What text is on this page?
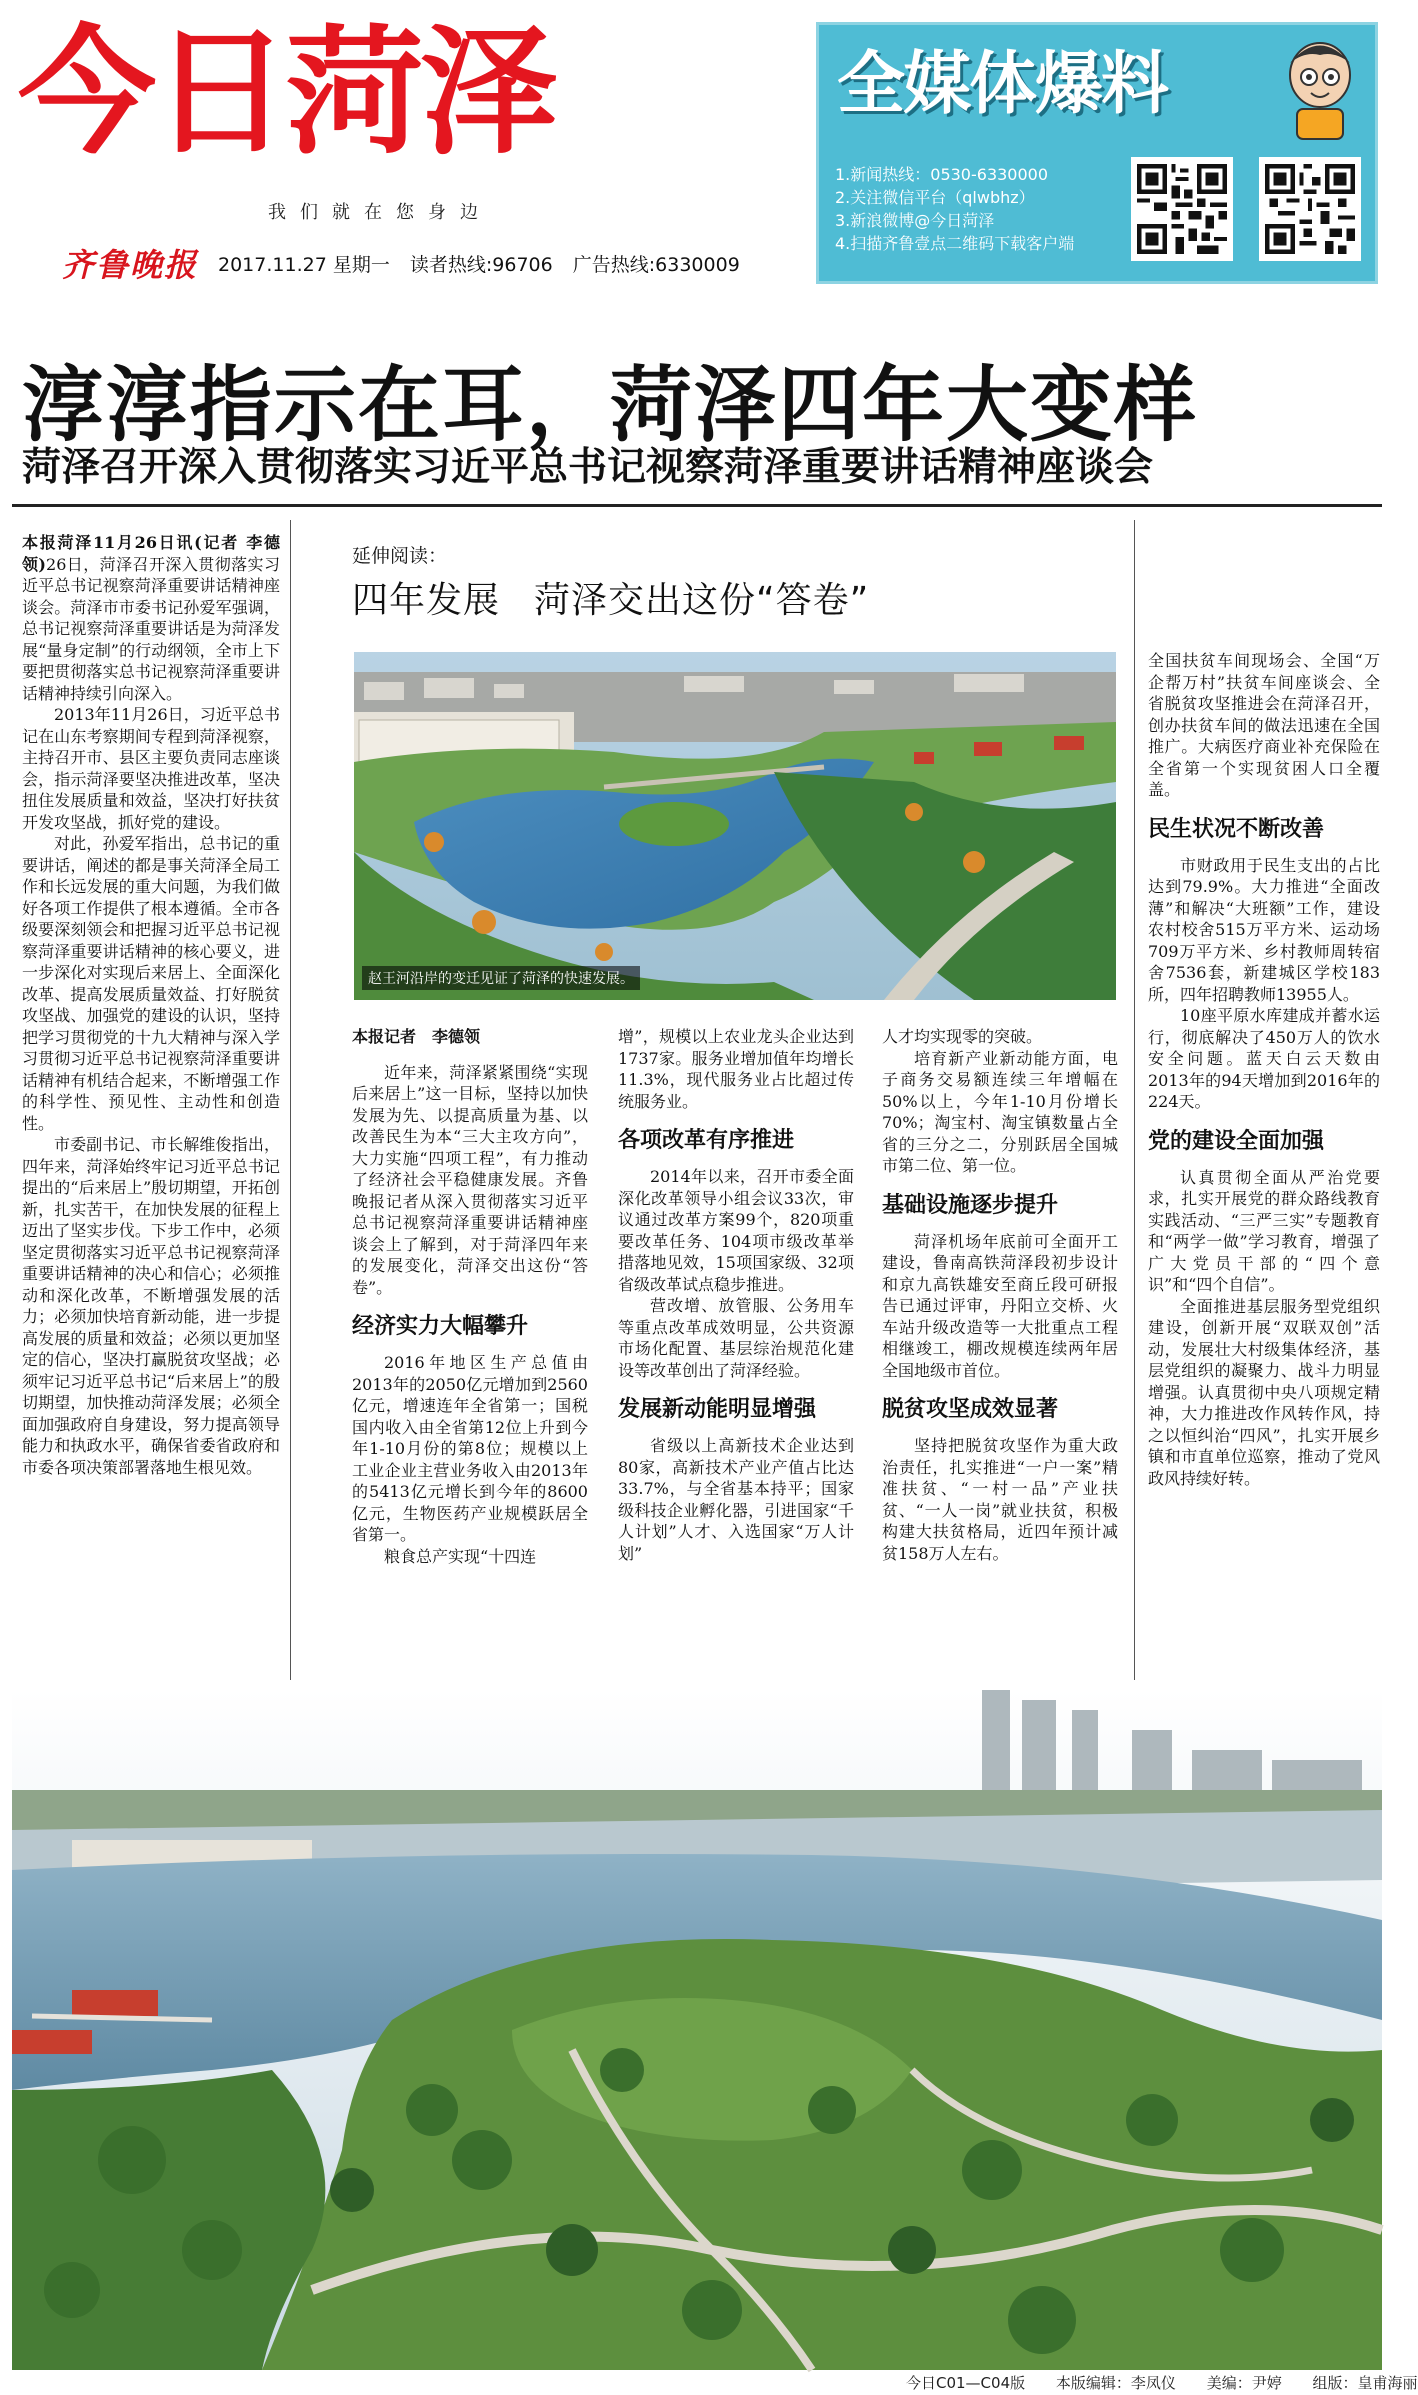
今日菏泽
我们就在您身边
齐鲁晚报 2017.11.27 星期一 读者热线:96706 广告热线:6330009
全媒体爆料
1.新闻热线：0530-6330000
2.关注微信平台（qlwbhz）
3.新浪微博@今日菏泽
4.扫描齐鲁壹点二维码下载客户端
淳淳指示在耳，菏泽四年大变样
菏泽召开深入贯彻落实习近平总书记视察菏泽重要讲话精神座谈会

本报菏泽11月26日讯(记者 李德领)26日，菏泽召开深入贯彻落实习近平总书记视察菏泽重要讲话精神座谈会。菏泽市市委书记孙爱军强调，总书记视察菏泽重要讲话是为菏泽发展“量身定制”的行动纲领，全市上下要把贯彻落实总书记视察菏泽重要讲话精神持续引向深入。

2013年11月26日，习近平总书记在山东考察期间专程到菏泽视察，主持召开市、县区主要负责同志座谈会，指示菏泽要坚决推进改革，坚决扭住发展质量和效益，坚决打好扶贫开发攻坚战，抓好党的建设。

对此，孙爱军指出，总书记的重要讲话，阐述的都是事关菏泽全局工作和长远发展的重大问题，为我们做好各项工作提供了根本遵循。全市各级要深刻领会和把握习近平总书记视察菏泽重要讲话精神的核心要义，进一步深化对实现后来居上、全面深化改革、提高发展质量效益、打好脱贫攻坚战、加强党的建设的认识，坚持把学习贯彻党的十九大精神与深入学习贯彻习近平总书记视察菏泽重要讲话精神有机结合起来，不断增强工作的科学性、预见性、主动性和创造性。

市委副书记、市长解维俊指出，四年来，菏泽始终牢记习近平总书记提出的“后来居上”殷切期望，开拓创新，扎实苦干，在加快发展的征程上迈出了坚实步伐。下步工作中，必须坚定贯彻落实习近平总书记视察菏泽重要讲话精神的决心和信心；必须推动和深化改革，不断增强发展的活力；必须加快培育新动能，进一步提高发展的质量和效益；必须以更加坚定的信心，坚决打赢脱贫攻坚战；必须牢记习近平总书记“后来居上”的殷切期望，加快推动菏泽发展；必须全面加强政府自身建设，努力提高领导能力和执政水平，确保省委省政府和市委各项决策部署落地生根见效。

延伸阅读：
四年发展 菏泽交出这份“答卷”
赵王河沿岸的变迁见证了菏泽的快速发展。

本报记者　李德领

近年来，菏泽紧紧围绕“实现后来居上”这一目标，坚持以加快发展为先、以提高质量为基、以改善民生为本“三大主攻方向”，大力实施“四项工程”，有力推动了经济社会平稳健康发展。齐鲁晚报记者从深入贯彻落实习近平总书记视察菏泽重要讲话精神座谈会上了解到，对于菏泽四年来的发展变化，菏泽交出这份“答卷”。

经济实力大幅攀升

2016年地区生产总值由2013年的2050亿元增加到2560亿元，增速连年全省第一；国税国内收入由全省第12位上升到今年1-10月份的第8位；规模以上工业企业主营业务收入由2013年的5413亿元增长到今年的8600亿元，生物医药产业规模跃居全省第一。

粮食总产实现“十四连

增”，规模以上农业龙头企业达到1737家。服务业增加值年均增长11.3%，现代服务业占比超过传统服务业。

各项改革有序推进

2014年以来，召开市委全面深化改革领导小组会议33次，审议通过改革方案99个，820项重要改革任务、104项市级改革举措落地见效，15项国家级、32项省级改革试点稳步推进。

营改增、放管服、公务用车等重点改革成效明显，公共资源市场化配置、基层综治规范化建设等改革创出了菏泽经验。

发展新动能明显增强

省级以上高新技术企业达到80家，高新技术产业产值占比达33.7%，与全省基本持平；国家级科技企业孵化器，引进国家“千人计划”人才、入选国家“万人计划”

人才均实现零的突破。

培育新产业新动能方面，电子商务交易额连续三年增幅在50%以上，今年1-10月份增长70%；淘宝村、淘宝镇数量占全省的三分之二，分别跃居全国城市第二位、第一位。

基础设施逐步提升

菏泽机场年底前可全面开工建设，鲁南高铁菏泽段初步设计和京九高铁雄安至商丘段可研报告已通过评审，丹阳立交桥、火车站升级改造等一大批重点工程相继竣工，棚改规模连续两年居全国地级市首位。

脱贫攻坚成效显著

坚持把脱贫攻坚作为重大政治责任，扎实推进“一户一案”精准扶贫、“一村一品”产业扶贫、“一人一岗”就业扶贫，积极构建大扶贫格局，近四年预计减贫158万人左右。

全国扶贫车间现场会、全国“万企帮万村”扶贫车间座谈会、全省脱贫攻坚推进会在菏泽召开，创办扶贫车间的做法迅速在全国推广。大病医疗商业补充保险在全省第一个实现贫困人口全覆盖。

民生状况不断改善

市财政用于民生支出的占比达到79.9%。大力推进“全面改薄”和解决“大班额”工作，建设农村校舍515万平方米、运动场709万平方米、乡村教师周转宿舍7536套，新建城区学校183所，四年招聘教师13955人。

10座平原水库建成并蓄水运行，彻底解决了450万人的饮水安全问题。蓝天白云天数由2013年的94天增加到2016年的224天。

党的建设全面加强

认真贯彻全面从严治党要求，扎实开展党的群众路线教育实践活动、“三严三实”专题教育和“两学一做”学习教育，增强了广大党员干部的“四个意识”和“四个自信”。

全面推进基层服务型党组织建设，创新开展“双联双创”活动，发展壮大村级集体经济，基层党组织的凝聚力、战斗力明显增强。认真贯彻中央八项规定精神，大力推进改作风转作风，持之以恒纠治“四风”，扎实开展乡镇和市直单位巡察，推动了党风政风持续好转。

今日C01—C04版 本版编辑：李凤仪 美编：尹婷 组版：皇甫海丽
